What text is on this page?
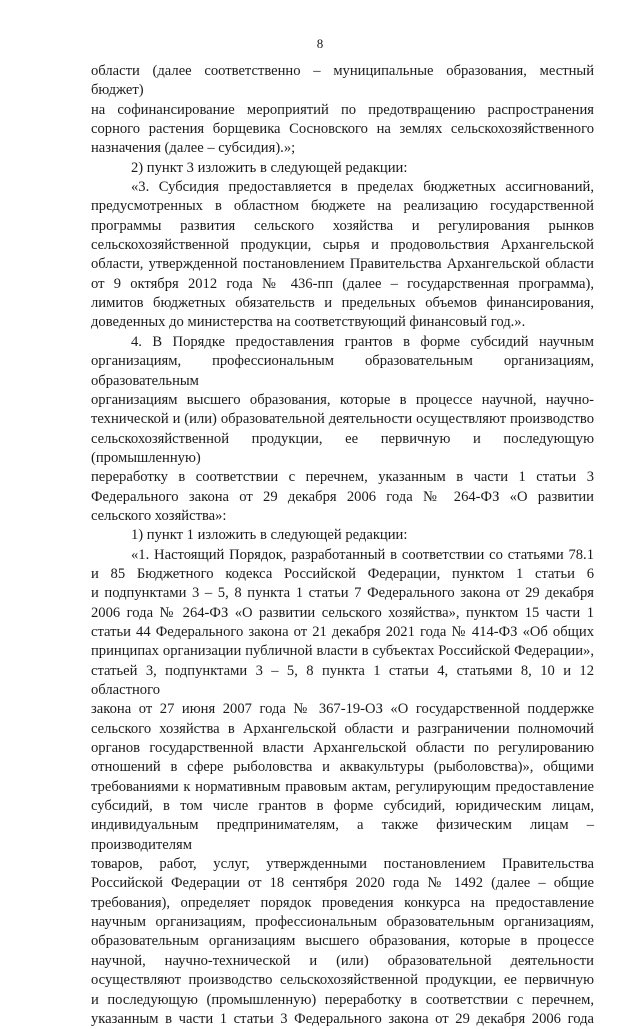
8

области (далее соответственно – муниципальные образования, местный бюджет)

на софинансирование мероприятий по предотвращению распространения

сорного растения борщевика Сосновского на землях сельскохозяйственного

назначения (далее – субсидия).»;

2) пункт 3 изложить в следующей редакции:

«3. Субсидия предоставляется в пределах бюджетных ассигнований,

предусмотренных в областном бюджете на реализацию государственной

программы развития сельского хозяйства и регулирования рынков

сельскохозяйственной продукции, сырья и продовольствия Архангельской

области, утвержденной постановлением Правительства Архангельской области

от 9 октября 2012 года № 436-пп (далее – государственная программа),

лимитов бюджетных обязательств и предельных объемов финансирования,

доведенных до министерства на соответствующий финансовый год.».

4. В Порядке предоставления грантов в форме субсидий научным

организациям, профессиональным образовательным организациям, образовательным

организациям высшего образования, которые в процессе научной, научно-

технической и (или) образовательной деятельности осуществляют производство

сельскохозяйственной продукции, ее первичную и последующую (промышленную)

переработку в соответствии с перечнем, указанным в части 1 статьи 3

Федерального закона от 29 декабря 2006 года № 264-ФЗ «О развитии

сельского хозяйства»:

1) пункт 1 изложить в следующей редакции:

«1. Настоящий Порядок, разработанный в соответствии со статьями 78.1

и 85 Бюджетного кодекса Российской Федерации, пунктом 1 статьи 6

и подпунктами 3 – 5, 8 пункта 1 статьи 7 Федерального закона от 29 декабря

2006 года № 264-ФЗ «О развитии сельского хозяйства», пунктом 15 части 1

статьи 44 Федерального закона от 21 декабря 2021 года № 414-ФЗ «Об общих

принципах организации публичной власти в субъектах Российской Федерации»,

статьей 3, подпунктами 3 – 5, 8 пункта 1 статьи 4, статьями 8, 10 и 12 областного

закона от 27 июня 2007 года № 367-19-ОЗ «О государственной поддержке

сельского хозяйства в Архангельской области и разграничении полномочий

органов государственной власти Архангельской области по регулированию

отношений в сфере рыболовства и аквакультуры (рыболовства)», общими

требованиями к нормативным правовым актам, регулирующим предоставление

субсидий, в том числе грантов в форме субсидий, юридическим лицам,

индивидуальным предпринимателям, а также физическим лицам – производителям

товаров, работ, услуг, утвержденными постановлением Правительства

Российской Федерации от 18 сентября 2020 года № 1492 (далее – общие

требования), определяет порядок проведения конкурса на предоставление

научным организациям, профессиональным образовательным организациям,

образовательным организациям высшего образования, которые в процессе

научной, научно-технической и (или) образовательной деятельности

осуществляют производство сельскохозяйственной продукции, ее первичную

и последующую (промышленную) переработку в соответствии с перечнем,

указанным в части 1 статьи 3 Федерального закона от 29 декабря 2006 года
